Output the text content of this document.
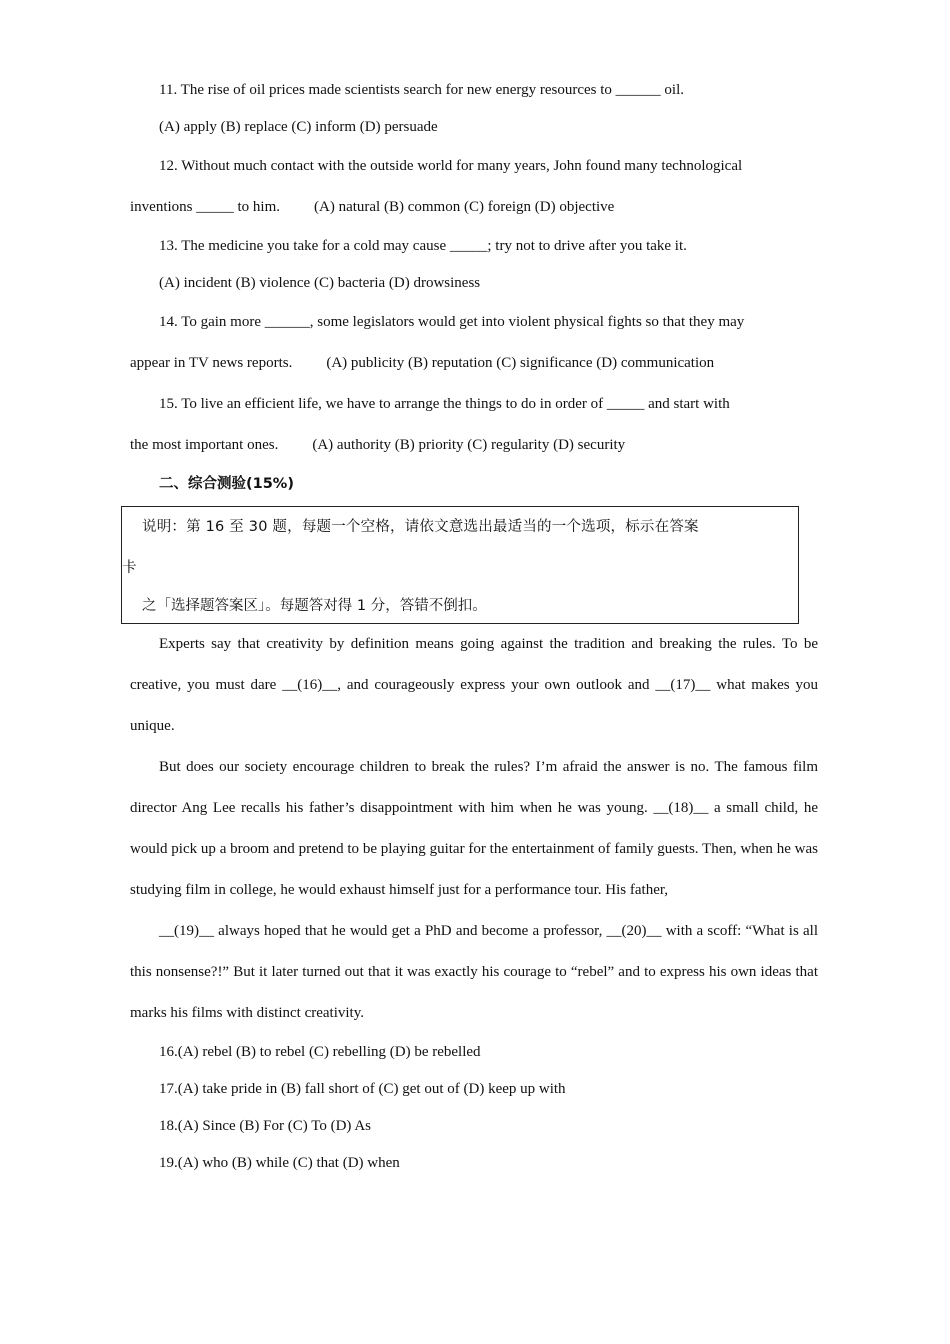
11. The rise of oil prices made scientists search for new energy resources to ______ oil.

(A) apply (B) replace (C) inform (D) persuade

12. Without much contact with the outside world for many years, John found many technological

inventions _____ to him. (A) natural (B) common (C) foreign (D) objective

13. The medicine you take for a cold may cause _____; try not to drive after you take it.

(A) incident (B) violence (C) bacteria (D) drowsiness

14. To gain more ______, some legislators would get into violent physical fights so that they may

appear in TV news reports. (A) publicity (B) reputation (C) significance (D) communication

15. To live an efficient life, we have to arrange the things to do in order of _____ and start with

the most important ones. (A) authority (B) priority (C) regularity (D) security

二、综合测验(15%)

说明：第 16 至 30 题，每题一个空格，请依文意选出最适当的一个选项，标示在答案

卡

之「选择题答案区」。每题答对得 1 分，答错不倒扣。

Experts say that creativity by definition means going against the tradition and breaking the rules. To be creative, you must dare __(16)__, and courageously express your own outlook and __(17)__ what makes you unique.

But does our society encourage children to break the rules? I’m afraid the answer is no. The famous film director Ang Lee recalls his father’s disappointment with him when he was young. __(18)__ a small child, he would pick up a broom and pretend to be playing guitar for the entertainment of family guests. Then, when he was studying film in college, he would exhaust himself just for a performance tour. His father,

__(19)__ always hoped that he would get a PhD and become a professor, __(20)__ with a scoff: “What is all this nonsense?!” But it later turned out that it was exactly his courage to “rebel” and to express his own ideas that marks his films with distinct creativity.

16.(A) rebel (B) to rebel (C) rebelling (D) be rebelled

17.(A) take pride in (B) fall short of (C) get out of (D) keep up with

18.(A) Since (B) For (C) To (D) As

19.(A) who (B) while (C) that (D) when
